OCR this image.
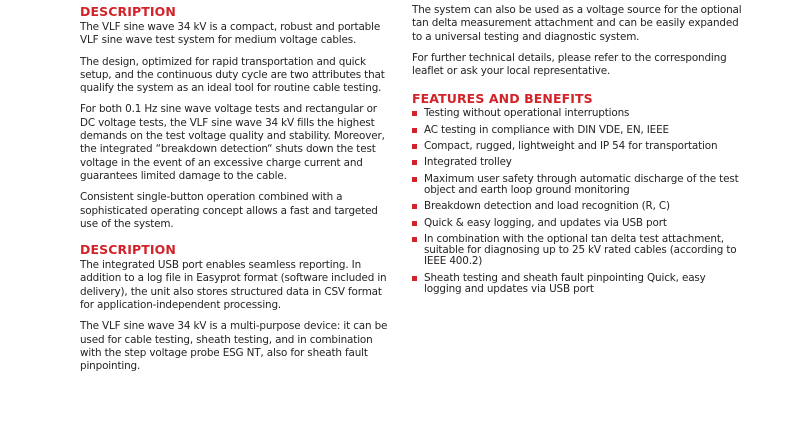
DESCRIPTION

The VLF sine wave 34 kV is a compact, robust and portable VLF sine wave test system for medium voltage cables.

The design, optimized for rapid transportation and quick setup, and the continuous duty cycle are two attributes that qualify the system as an ideal tool for routine cable testing.

For both 0.1 Hz sine wave voltage tests and rectangular or DC voltage tests, the VLF sine wave 34 kV fills the highest demands on the test voltage quality and stability. Moreover, the integrated “breakdown detection“ shuts down the test voltage in the event of an excessive charge current and guarantees limited damage to the cable.

Consistent single-button operation combined with a sophisticated operating concept allows a fast and targeted use of the system.

DESCRIPTION

The integrated USB port enables seamless reporting. In addition to a log file in Easyprot format (software included in delivery), the unit also stores structured data in CSV format for application-independent processing.

The VLF sine wave 34 kV is a multi-purpose device: it can be used for cable testing, sheath testing, and in combination with the step voltage probe ESG NT, also for sheath fault pinpointing.

The system can also be used as a voltage source for the optional tan delta measurement attachment and can be easily expanded to a universal testing and diagnostic system.

For further technical details, please refer to the corresponding leaflet or ask your local representative.

FEATURES AND BENEFITS
Testing without operational interruptions
AC testing in compliance with DIN VDE, EN, IEEE
Compact, rugged, lightweight and IP 54 for transportation
Integrated trolley
Maximum user safety through automatic discharge of the test object and earth loop ground monitoring
Breakdown detection and load recognition (R, C)
Quick & easy logging, and updates via USB port
In combination with the optional tan delta test attachment, suitable for diagnosing up to 25 kV rated cables (according to IEEE 400.2)
Sheath testing and sheath fault pinpointing Quick, easy logging and updates via USB port
